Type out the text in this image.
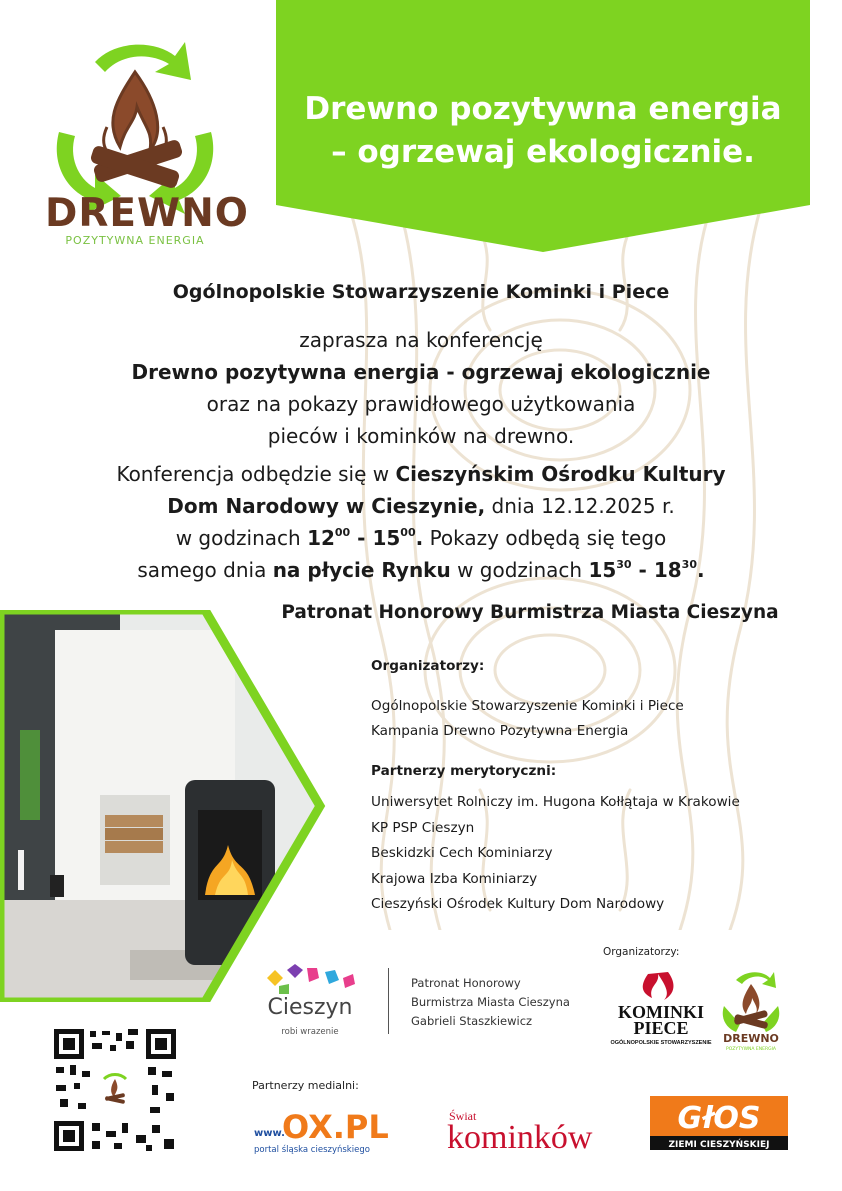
Drewno pozytywna energia
– ogrzewaj ekologicznie.
DREWNO
POZYTYWNA ENERGIA
Ogólnopolskie Stowarzyszenie Kominki i Piece
zaprasza na konferencję
Drewno pozytywna energia - ogrzewaj ekologicznie
oraz na pokazy prawidłowego użytkowania
pieców i kominków na drewno.
Konferencja odbędzie się w Cieszyńskim Ośrodku Kultury
Dom Narodowy w Cieszynie, dnia 12.12.2025 r.
w godzinach $12^{00} - 15^{00}$. Pokazy odbędą się tego
samego dnia na płycie Rynku w godzinach $15^{30} - 18^{30}$.
Patronat Honorowy Burmistrza Miasta Cieszyna
Organizatorzy:
Ogólnopolskie Stowarzyszenie Kominki i Piece
Kampania Drewno Pozytywna Energia
Partnerzy merytoryczni:
Uniwersytet Rolniczy im. Hugona Kołłątaja w Krakowie
KP PSP Cieszyn
Beskidzki Cech Kominiarzy
Krajowa Izba Kominiarzy
Cieszyński Ośrodek Kultury Dom Narodowy
Cieszyn
robi wrazenie
Patronat Honorowy
Burmistrza Miasta Cieszyna
Gabrieli Staszkiewicz
Organizatorzy:
KOMINKI
PIECE
OGÓLNOPOLSKIE STOWARZYSZENIE DREWNO
POZYTYWNA ENERGIA
Partnerzy medialni:
www.
OX.PL
portal śląska cieszyńskiego
Świat
kominków
GłOS
ZIEMI CIESZYŃSKIEJ
